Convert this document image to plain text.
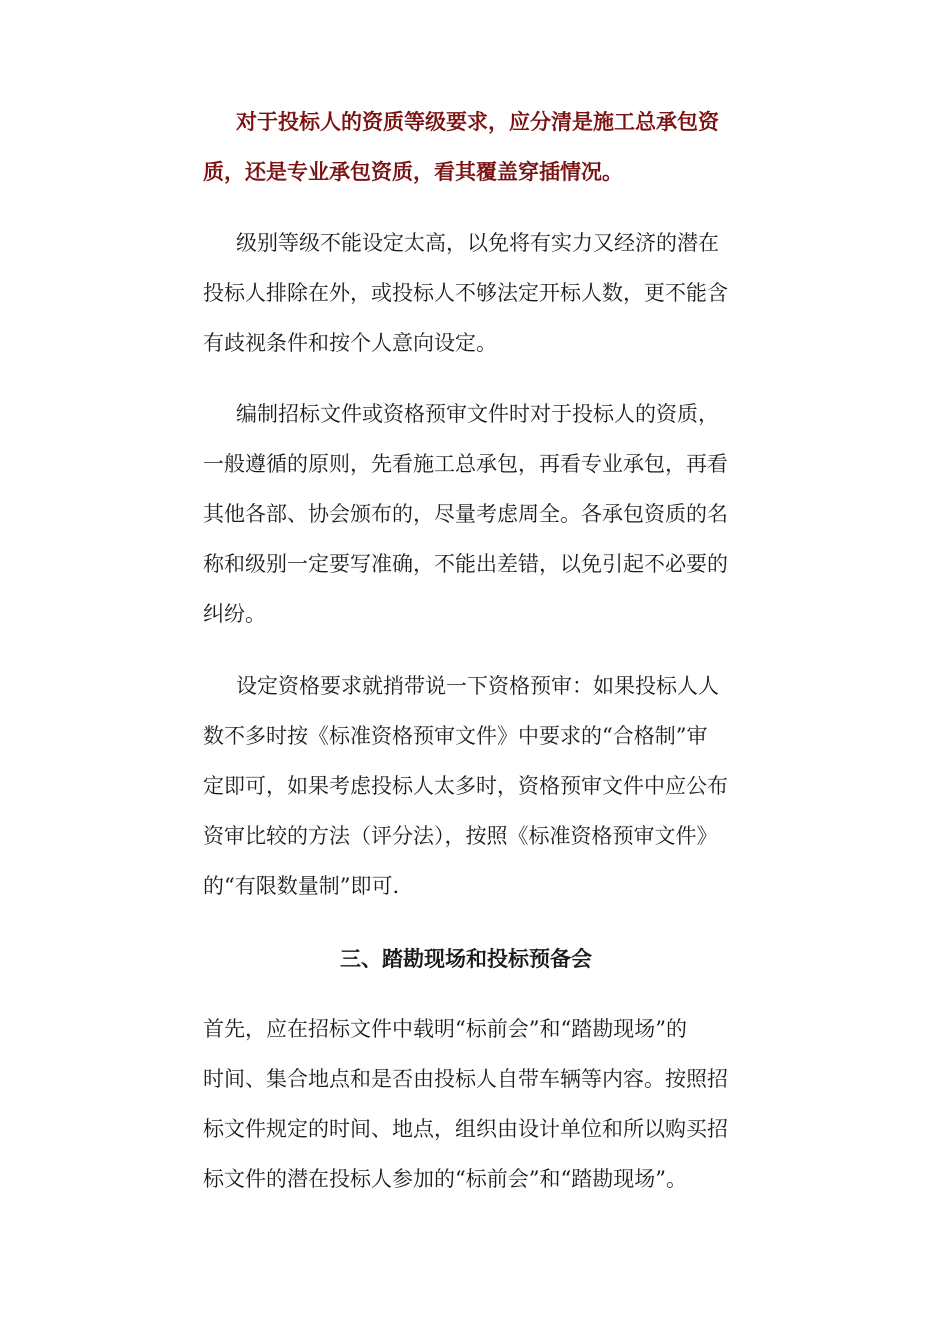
对于投标人的资质等级要求，应分清是施工总承包资
质，还是专业承包资质，看其覆盖穿插情况。
级别等级不能设定太高，以免将有实力又经济的潜在
投标人排除在外，或投标人不够法定开标人数，更不能含
有歧视条件和按个人意向设定。
编制招标文件或资格预审文件时对于投标人的资质，
一般遵循的原则，先看施工总承包，再看专业承包，再看
其他各部、协会颁布的，尽量考虑周全。各承包资质的名
称和级别一定要写准确，不能出差错，以免引起不必要的
纠纷。
设定资格要求就捎带说一下资格预审：如果投标人人
数不多时按《标准资格预审文件》中要求的“合格制”审
定即可，如果考虑投标人太多时，资格预审文件中应公布
资审比较的方法（评分法），按照《标准资格预审文件》
的“有限数量制”即可.
三、踏勘现场和投标预备会
首先，应在招标文件中载明“标前会”和“踏勘现场”的
时间、集合地点和是否由投标人自带车辆等内容。按照招
标文件规定的时间、地点，组织由设计单位和所以购买招
标文件的潜在投标人参加的“标前会”和“踏勘现场”。
